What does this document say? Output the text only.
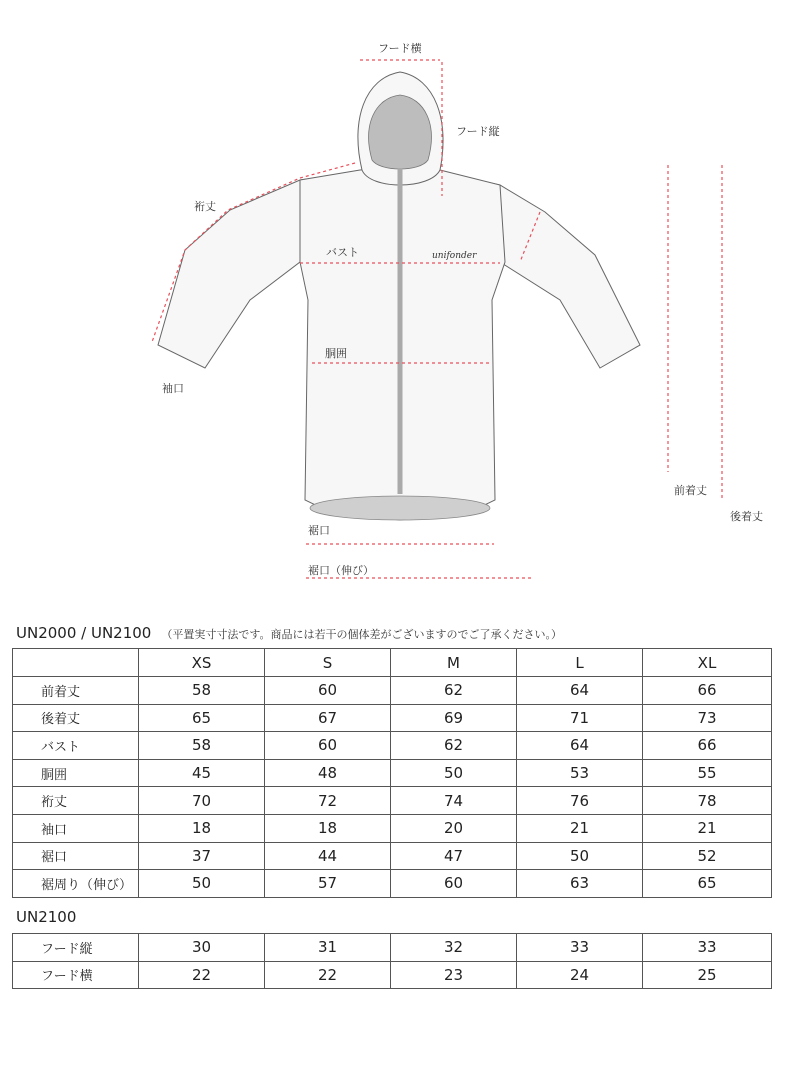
unifonder
フード横
フード縦
裄丈
バスト
胴囲
袖口
前着丈
後着丈
裾口
裾口（伸び）
UN2000 / UN2100 （平置実寸寸法です。商品には若干の個体差がございますのでご了承ください。）
	XS	S	M	L	XL
前着丈	58	60	62	64	66
後着丈	65	67	69	71	73
バスト	58	60	62	64	66
胴囲	45	48	50	53	55
裄丈	70	72	74	76	78
袖口	18	18	20	21	21
裾口	37	44	47	50	52
裾周り（伸び）	50	57	60	63	65
UN2100
フード縦	30	31	32	33	33
フード横	22	22	23	24	25
